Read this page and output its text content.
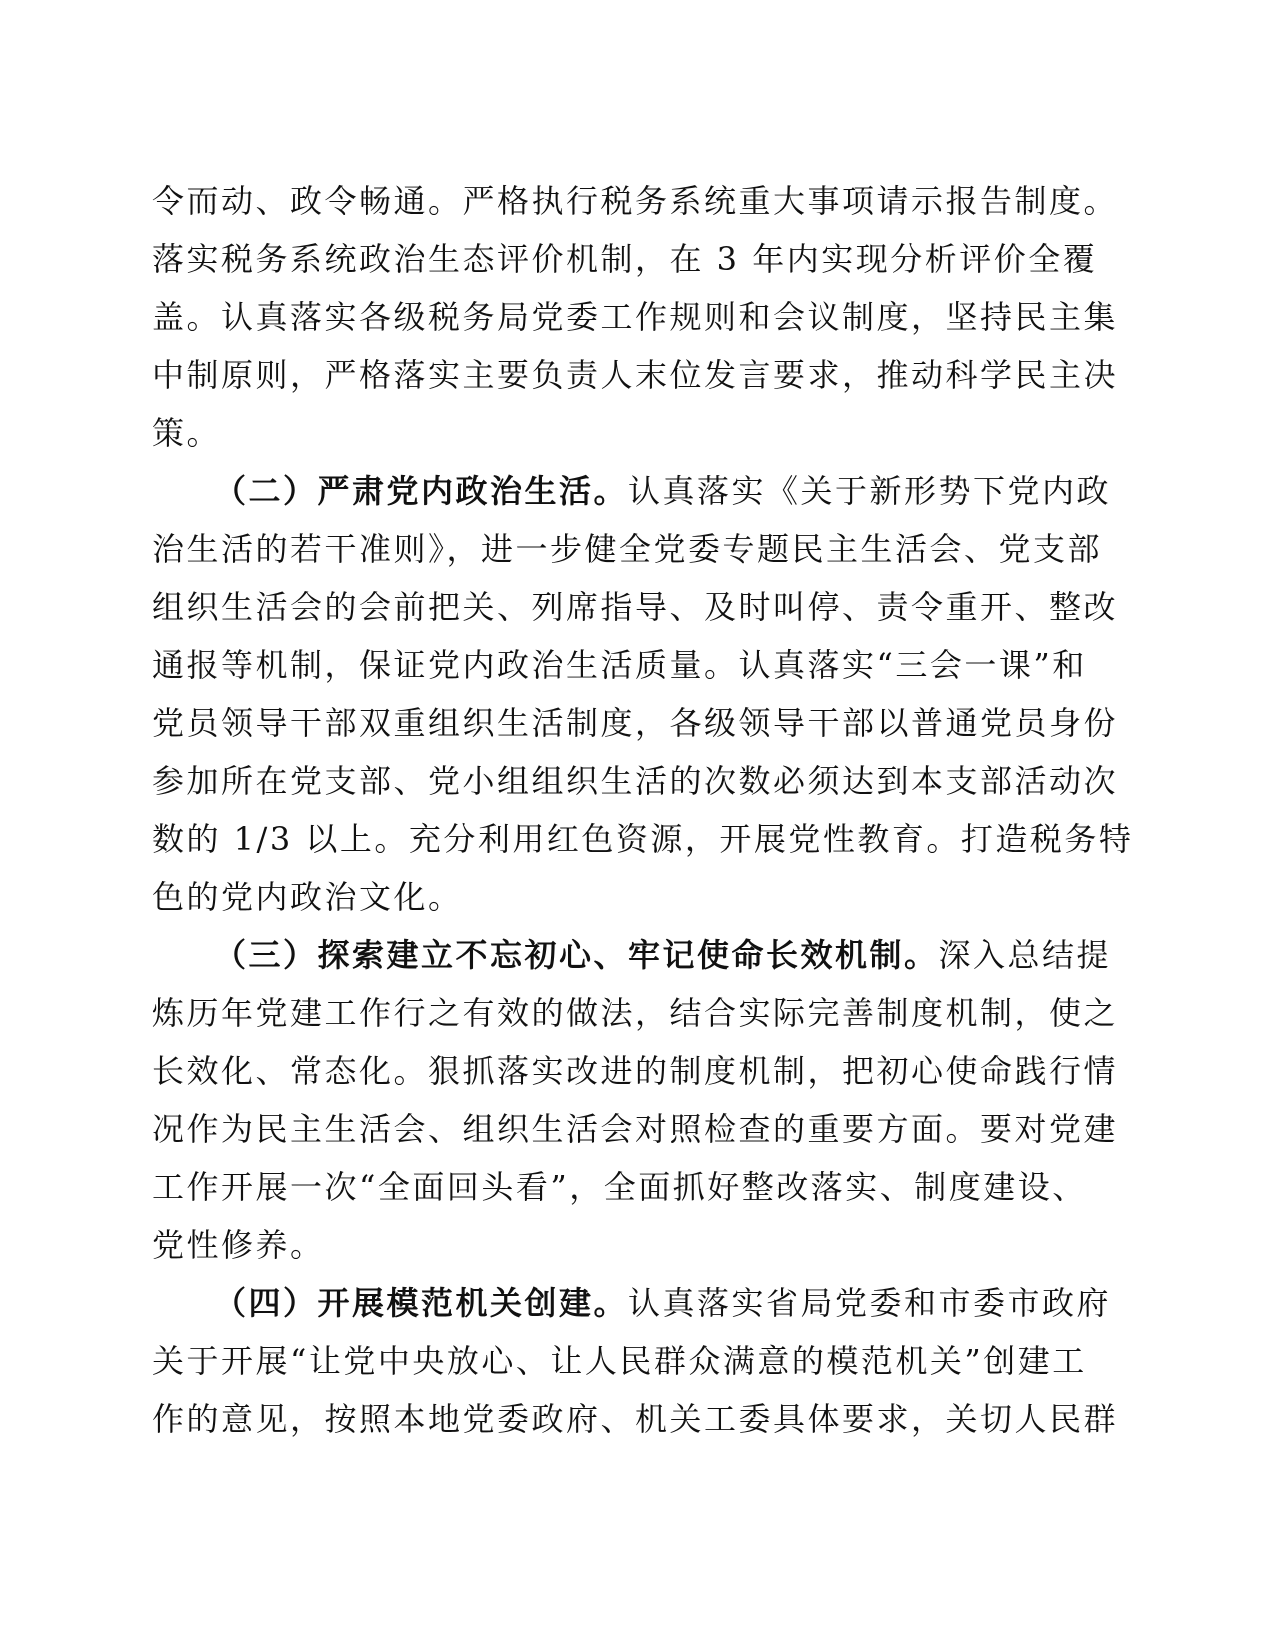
令而动、政令畅通。严格执行税务系统重大事项请示报告制度。
落实税务系统政治生态评价机制，在 3 年内实现分析评价全覆
盖。认真落实各级税务局党委工作规则和会议制度，坚持民主集
中制原则，严格落实主要负责人末位发言要求，推动科学民主决
策。
（二）严肃党内政治生活。认真落实《关于新形势下党内政
治生活的若干准则》，进一步健全党委专题民主生活会、党支部
组织生活会的会前把关、列席指导、及时叫停、责令重开、整改
通报等机制，保证党内政治生活质量。认真落实“三会一课”和
党员领导干部双重组织生活制度，各级领导干部以普通党员身份
参加所在党支部、党小组组织生活的次数必须达到本支部活动次
数的 1/3 以上。充分利用红色资源，开展党性教育。打造税务特
色的党内政治文化。
（三）探索建立不忘初心、牢记使命长效机制。深入总结提
炼历年党建工作行之有效的做法，结合实际完善制度机制，使之
长效化、常态化。狠抓落实改进的制度机制，把初心使命践行情
况作为民主生活会、组织生活会对照检查的重要方面。要对党建
工作开展一次“全面回头看”，全面抓好整改落实、制度建设、
党性修养。
（四）开展模范机关创建。认真落实省局党委和市委市政府
关于开展“让党中央放心、让人民群众满意的模范机关”创建工
作的意见，按照本地党委政府、机关工委具体要求，关切人民群
